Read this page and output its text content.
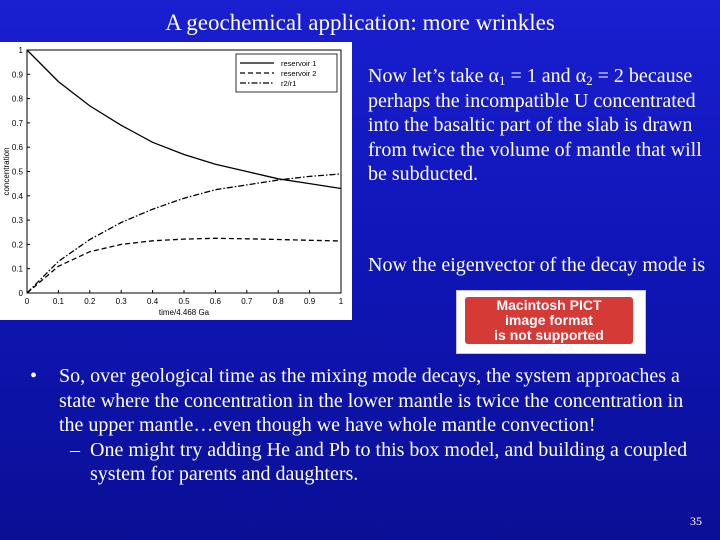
A geochemical application: more wrinkles
0	0.1	0.2	0.3	0.4	0.5	0.6	0.7	0.8	0.9	1
0
0.1
0.2
0.3
0.4
0.5
0.6
0.7
0.8
0.9
1
time/4.468 Ga
concentration
reservoir 1
reservoir 2
r2/r1	Now let’s take $\alpha_1 = 1$ and $\alpha_2 = 2$ because perhaps the incompatible U concentrated into the basaltic part of the slab is drawn from twice the volume of mantle that will be subducted.
Now the eigenvector of the decay mode is
Macintosh PICT
image format
is not supported
• So, over geological time as the mixing mode decays, the system approaches a state where the concentration in the lower mantle is twice the concentration in the upper mantle…even though we have whole mantle convection!
– One might try adding He and Pb to this box model, and building a coupled system for parents and daughters.
35
